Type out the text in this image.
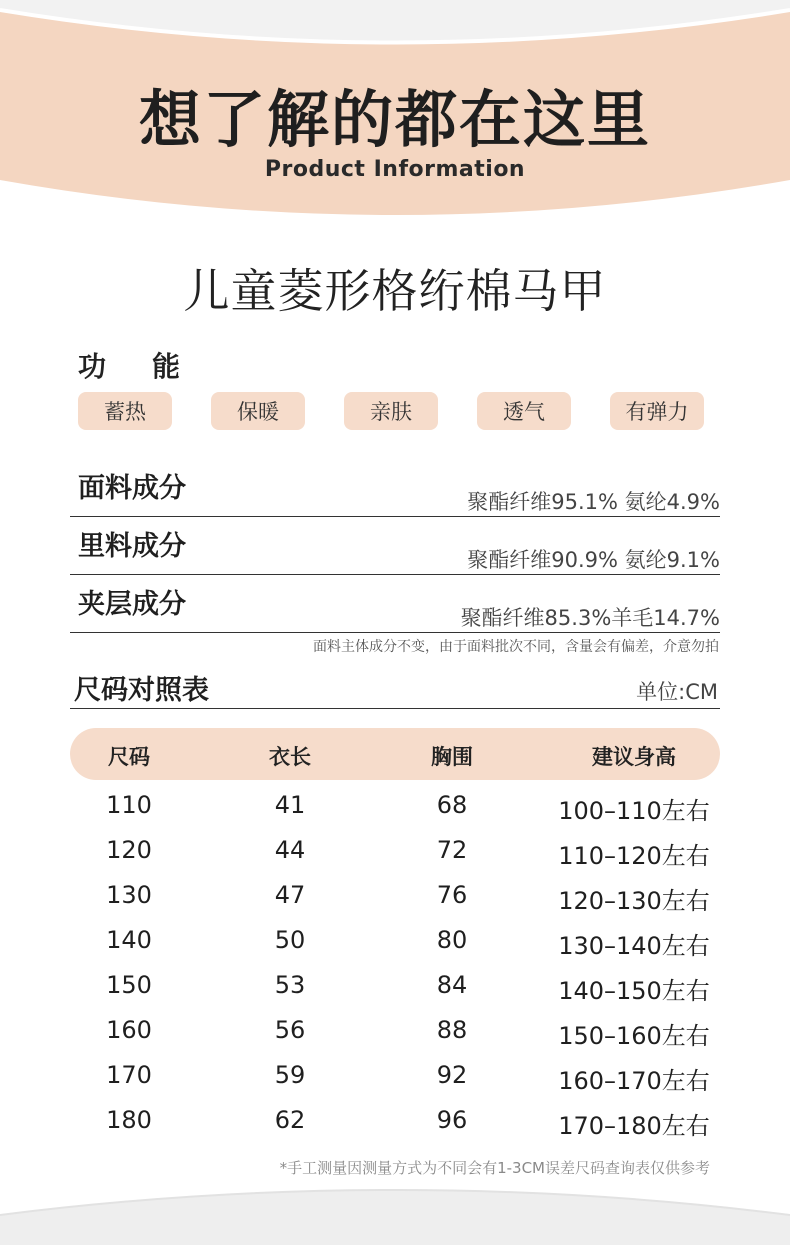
想了解的都在这里
Product Information
儿童菱形格绗棉马甲
功能
蓄热	保暖	亲肤	透气	有弹力
面料成分	聚酯纤维95.1% 氨纶4.9%
里料成分	聚酯纤维90.9% 氨纶9.1%
夹层成分	聚酯纤维85.3%羊毛14.7%
面料主体成分不变，由于面料批次不同，含量会有偏差，介意勿拍
尺码对照表	单位:CM
尺码	衣长	胸围	建议身高
110	41	68	100–110左右
120	44	72	110–120左右
130	47	76	120–130左右
140	50	80	130–140左右
150	53	84	140–150左右
160	56	88	150–160左右
170	59	92	160–170左右
180	62	96	170–180左右
*手工测量因测量方式为不同会有1-3CM误差尺码查询表仅供参考
